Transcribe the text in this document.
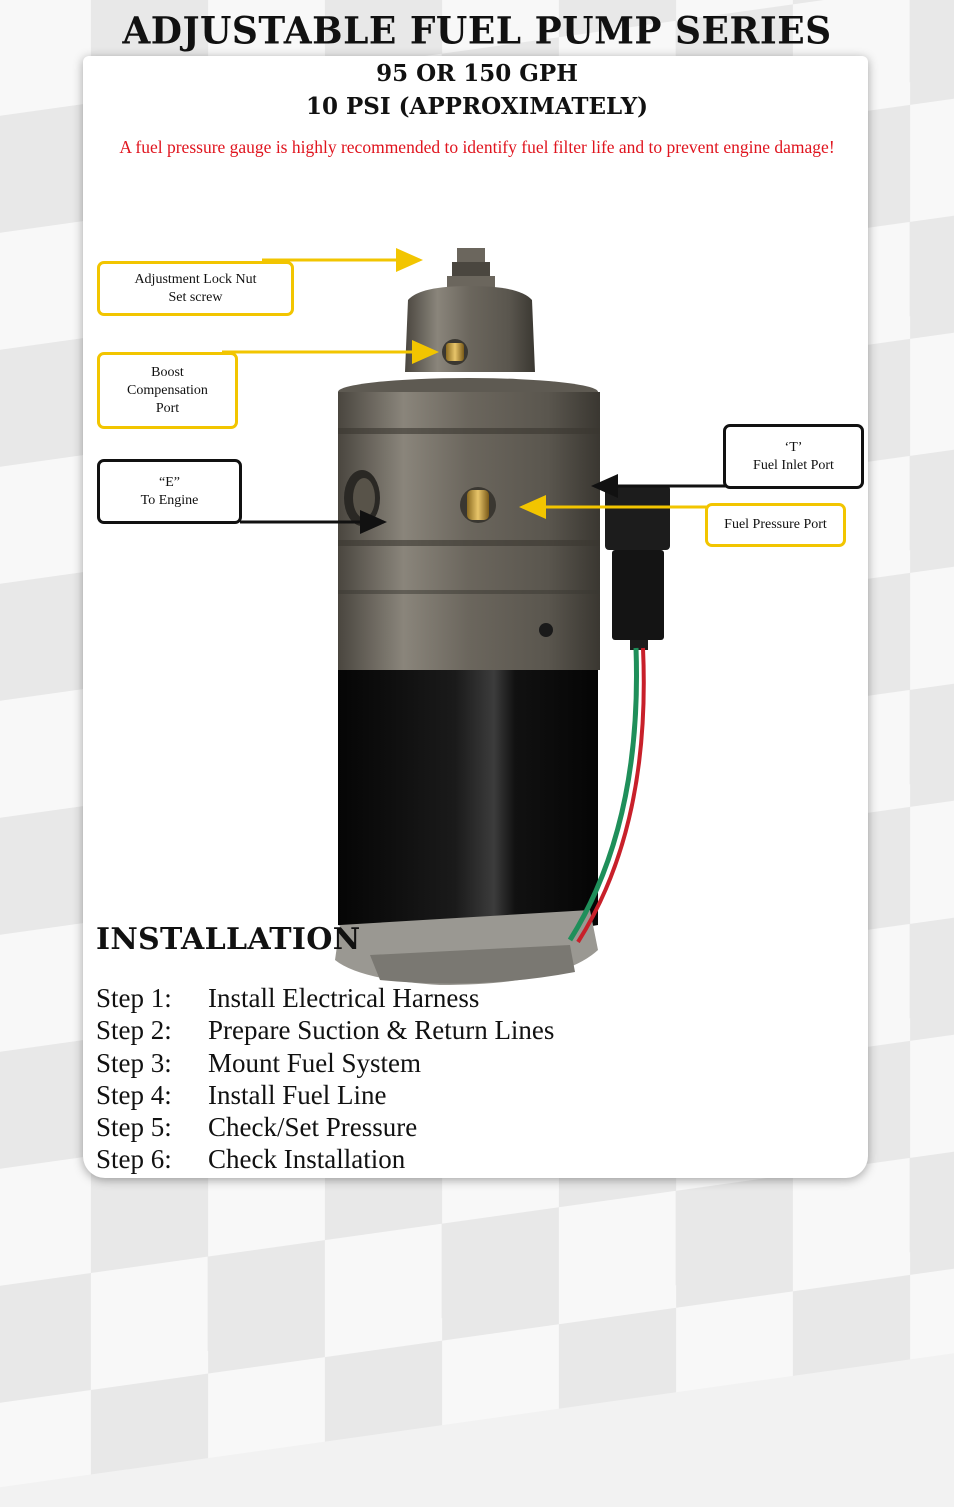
ADJUSTABLE FUEL PUMP SERIES
95 OR 150 GPH
10 PSI (APPROXIMATELY)
A fuel pressure gauge is highly recommended to identify fuel filter life and to prevent engine damage!
Adjustment Lock Nut
Set screw
Boost
Compensation
Port
“E”
To Engine
‘T’
Fuel Inlet Port
Fuel Pressure Port
INSTALLATION
Step 1:	Install Electrical Harness
Step 2:	Prepare Suction & Return Lines
Step 3:	Mount Fuel System
Step 4:	Install Fuel Line
Step 5:	Check/Set Pressure
Step 6:	Check Installation
